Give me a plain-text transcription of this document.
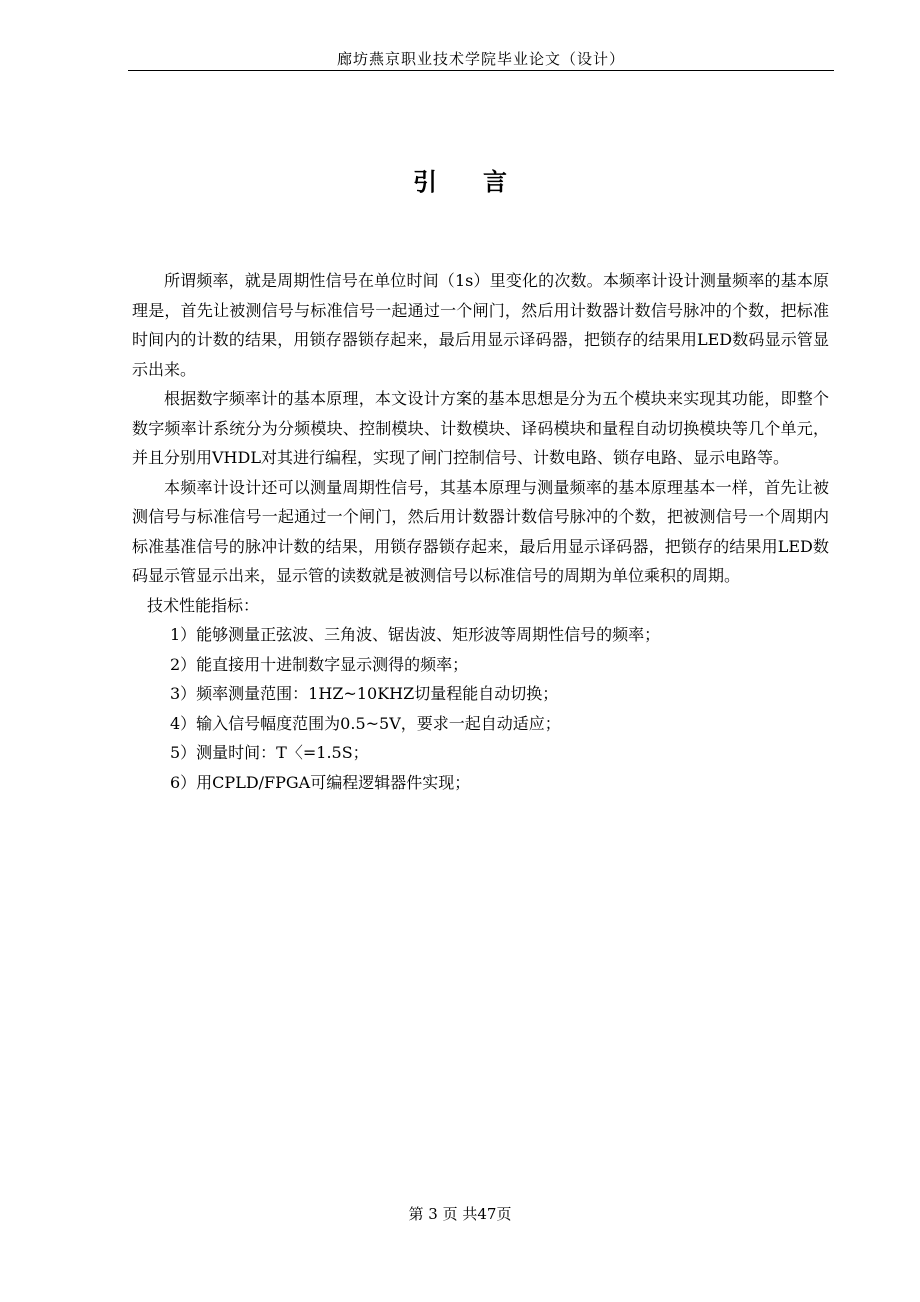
廊坊燕京职业技术学院毕业论文（设计）
引言

所谓频率，就是周期性信号在单位时间（1s）里变化的次数。本频率计设计测量频率的基本原理是，首先让被测信号与标准信号一起通过一个闸门，然后用计数器计数信号脉冲的个数，把标准时间内的计数的结果，用锁存器锁存起来，最后用显示译码器，把锁存的结果用LED数码显示管显示出来。

根据数字频率计的基本原理，本文设计方案的基本思想是分为五个模块来实现其功能，即整个数字频率计系统分为分频模块、控制模块、计数模块、译码模块和量程自动切换模块等几个单元，并且分别用VHDL对其进行编程，实现了闸门控制信号、计数电路、锁存电路、显示电路等。

本频率计设计还可以测量周期性信号，其基本原理与测量频率的基本原理基本一样，首先让被测信号与标准信号一起通过一个闸门，然后用计数器计数信号脉冲的个数，把被测信号一个周期内标准基准信号的脉冲计数的结果，用锁存器锁存起来，最后用显示译码器，把锁存的结果用LED数码显示管显示出来，显示管的读数就是被测信号以标准信号的周期为单位乘积的周期。

技术性能指标：

1）能够测量正弦波、三角波、锯齿波、矩形波等周期性信号的频率；
2）能直接用十进制数字显示测得的频率；
3）频率测量范围：1HZ~10KHZ切量程能自动切换；
4）输入信号幅度范围为0.5~5V，要求一起自动适应；
5）测量时间：T〈=1.5S；
6）用CPLD/FPGA可编程逻辑器件实现；
第 3 页 共47页
